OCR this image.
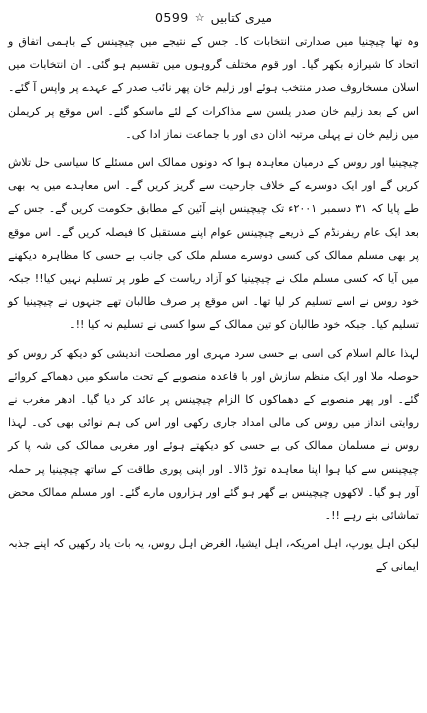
0599 ☆ میری کتابیں

وہ تھا چیچنیا میں صدارتی انتخابات کا۔ جس کے نتیجے میں چیچینس کے باہمی اتفاق و اتحاد کا شیرازہ بکھر گیا۔ اور قوم مختلف گروہوں میں تقسیم ہو گئی۔ ان انتخابات میں اسلان مسخاروف صدر منتخب ہوئے اور زلیم خان پھر نائب صدر کے عہدے پر واپس آ گئے۔ اس کے بعد زلیم خان صدر یلسن سے مذاکرات کے لئے ماسکو گئے۔ اس موقع پر کریملن میں زلیم خان نے پہلی مرتبہ اذان دی اور با جماعت نماز ادا کی۔

چیچینیا اور روس کے درمیان معاہدہ ہوا کہ دونوں ممالک اس مسئلے کا سیاسی حل تلاش کریں گے اور ایک دوسرے کے خلاف جارحیت سے گریز کریں گے۔ اس معاہدے میں یہ بھی طے پایا کہ ۳۱ دسمبر ۲۰۰۱ء تک چیچینس اپنے آئین کے مطابق حکومت کریں گے۔ جس کے بعد ایک عام ریفرنڈم کے ذریعے چیچینس عوام اپنے مستقبل کا فیصلہ کریں گے۔ اس موقع پر بھی مسلم ممالک کی کسی دوسرے مسلم ملک کی جانب بے حسی کا مظاہرہ دیکھنے میں آیا کہ کسی مسلم ملک نے چیچینیا کو آزاد ریاست کے طور پر تسلیم نہیں کیا!! جبکہ خود روس نے اسے تسلیم کر لیا تھا۔ اس موقع پر صرف طالبان تھے جنہوں نے چیچینیا کو تسلیم کیا۔ جبکہ خود طالبان کو تین ممالک کے سوا کسی نے تسلیم نہ کیا !!۔

لہذا عالم اسلام کی اسی بے حسی سرد مہری اور مصلحت اندیشی کو دیکھ کر روس کو حوصلہ ملا اور ایک منظم سازش اور با قاعدہ منصوبے کے تحت ماسکو میں دھماکے کروائے گئے۔ اور پھر منصوبے کے دھماکوں کا الزام چیچینس پر عائد کر دیا گیا۔ ادھر مغرب نے روایتی انداز میں روس کی مالی امداد جاری رکھی اور اس کی ہم نوائی بھی کی۔ لہذا روس نے مسلمان ممالک کی بے حسی کو دیکھتے ہوئے اور مغربی ممالک کی شہ پا کر چیچینس سے کیا ہوا اپنا معاہدہ توڑ ڈالا۔ اور اپنی پوری طاقت کے ساتھ چیچینیا پر حملہ آور ہو گیا۔ لاکھوں چیچینس بے گھر ہو گئے اور ہزاروں مارے گئے۔ اور مسلم ممالک محض تماشائی بنے رہے !!۔

لیکن اہل یورپ، اہل امریکہ، اہل ایشیا، الغرض اہل روس، یہ بات یاد رکھیں کہ اپنے جذبہ ایمانی کے
